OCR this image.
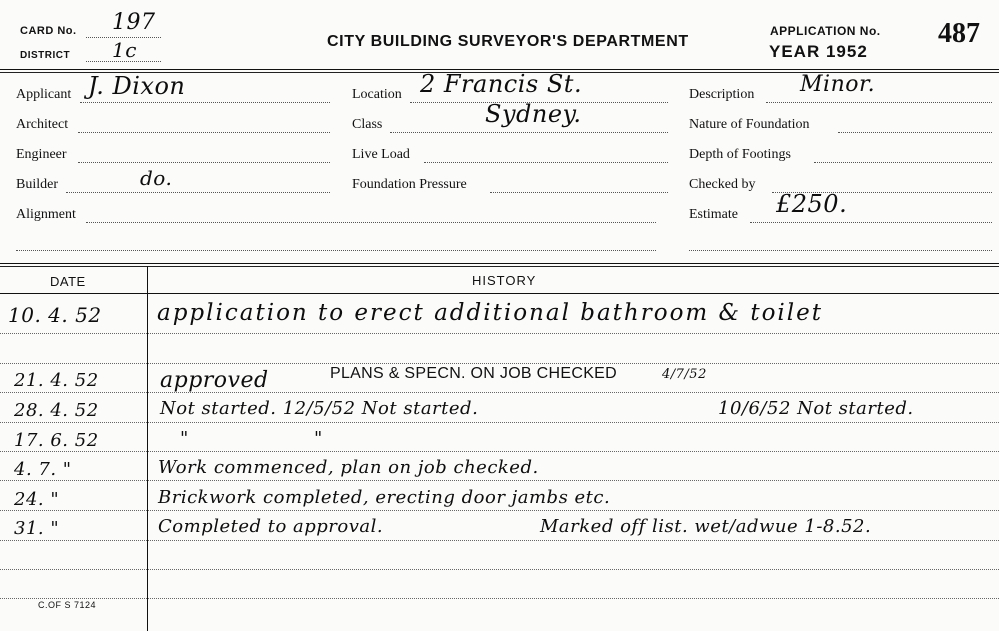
CARD No. 197
DISTRICT 1c	CITY BUILDING SURVEYOR'S DEPARTMENT
APPLICATION No.
YEAR 1952
487
Applicant J. Dixon
Architect
Engineer
Builder	do.
Alignment
Location 2 Francis St.
Class	Sydney.
Live Load
Foundation Pressure
Description Minor.
Nature of Foundation
Depth of Footings
Checked by
Estimate £250.
DATE	HISTORY
10. 4. 52 application to erect additional bathroom & toilet
21. 4. 52	approved	PLANS & SPECN. ON JOB CHECKED	4/7/52
28. 4. 52	Not started. 12/5/52 Not started.	10/6/52 Not started.
17. 6. 52	" "
4. 7. "	Work commenced, plan on job checked.
24. "	Brickwork completed, erecting door jambs etc.
31. "	Completed to approval.	Marked off list. wet/adwue 1-8.52.
C.OF S 7124
